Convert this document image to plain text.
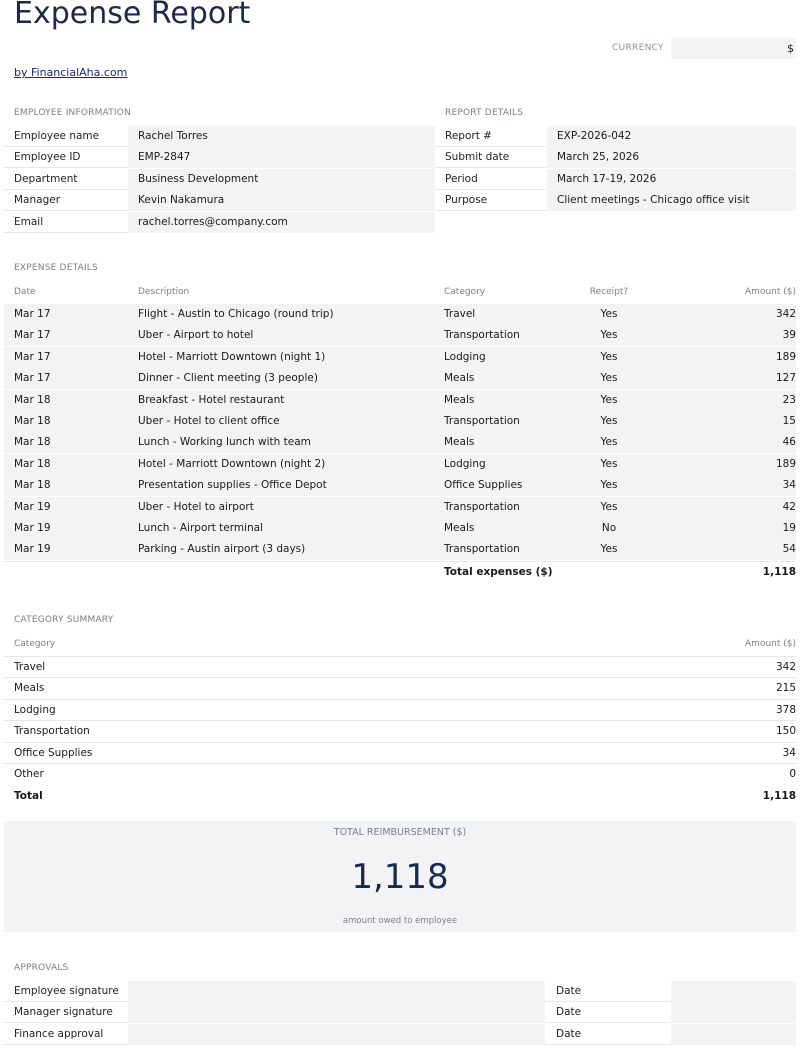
Expense Report
CURRENCY	$
by FinancialAha.com
EMPLOYEE INFORMATION
Employee name	Rachel Torres
Employee ID	EMP-2847
Department	Business Development
Manager	Kevin Nakamura
Email	rachel.torres@company.com
REPORT DETAILS
Report #	EXP-2026-042
Submit date	March 25, 2026
Period	March 17-19, 2026
Purpose	Client meetings - Chicago office visit
EXPENSE DETAILS
Date	Description	Category	Receipt?	Amount ($)
Mar 17	Flight - Austin to Chicago (round trip)	Travel	Yes	342
Mar 17	Uber - Airport to hotel	Transportation	Yes	39
Mar 17	Hotel - Marriott Downtown (night 1)	Lodging	Yes	189
Mar 17	Dinner - Client meeting (3 people)	Meals	Yes	127
Mar 18	Breakfast - Hotel restaurant	Meals	Yes	23
Mar 18	Uber - Hotel to client office	Transportation	Yes	15
Mar 18	Lunch - Working lunch with team	Meals	Yes	46
Mar 18	Hotel - Marriott Downtown (night 2)	Lodging	Yes	189
Mar 18	Presentation supplies - Office Depot	Office Supplies	Yes	34
Mar 19	Uber - Hotel to airport	Transportation	Yes	42
Mar 19	Lunch - Airport terminal	Meals	No	19
Mar 19	Parking - Austin airport (3 days)	Transportation	Yes	54
Total expenses ($)	1,118
CATEGORY SUMMARY
Category	Amount ($)
Travel	342
Meals	215
Lodging	378
Transportation	150
Office Supplies	34
Other	0
Total	1,118
TOTAL REIMBURSEMENT ($)
1,118
amount owed to employee
APPROVALS
Employee signature	Date
Manager signature	Date
Finance approval	Date
